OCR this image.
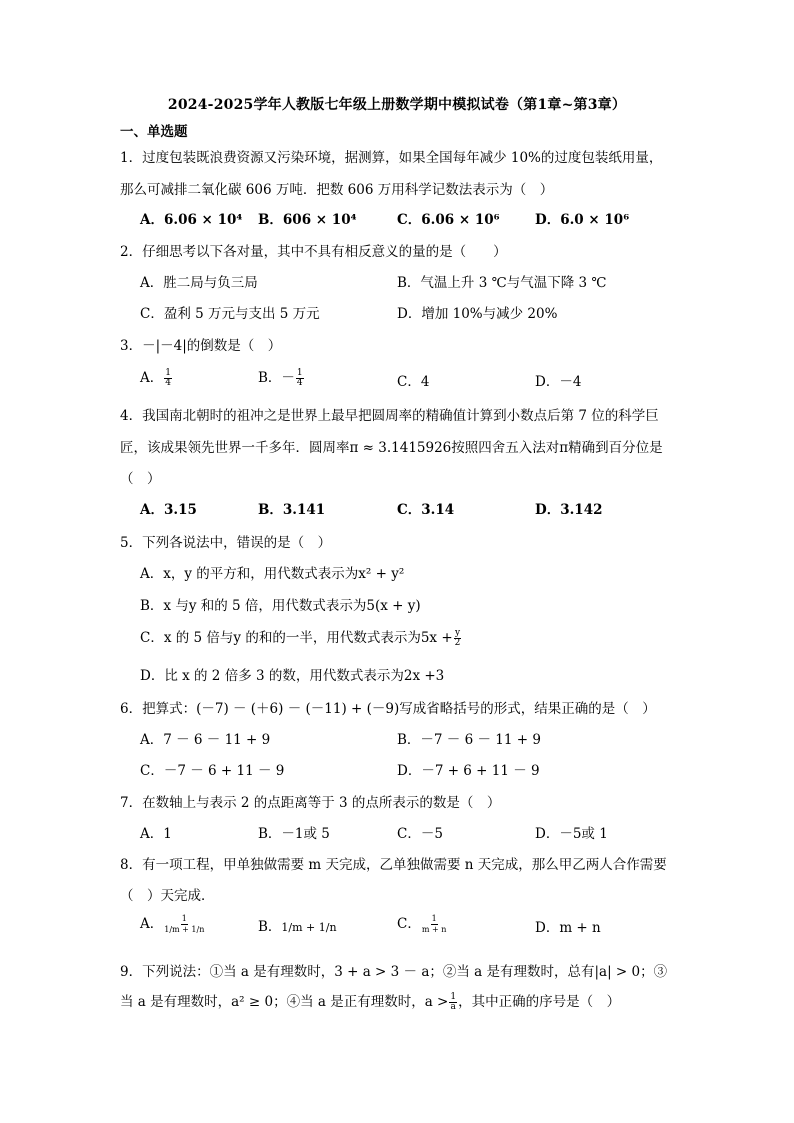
2024-2025学年人教版七年级上册数学期中模拟试卷（第1章~第3章）
一、单选题
1．过度包装既浪费资源又污染环境，据测算，如果全国每年减少 10%的过度包装纸用量，
那么可减排二氧化碳 606 万吨．把数 606 万用科学记数法表示为（　）
A．6.06 × 10⁴ B．606 × 10⁴	C．6.06 × 10⁶	D．6.0 × 10⁶
2．仔细思考以下各对量，其中不具有相反意义的量的是（　　）
A．胜二局与负三局	B．气温上升 3 ℃与气温下降 3 ℃
C．盈利 5 万元与支出 5 万元	D．增加 10%与减少 20%
3．－|－4|的倒数是（　）
A． $\frac{1}{4}$	B．－ $\frac{1}{4}$	C．4	D．－4
4．我国南北朝时的祖冲之是世界上最早把圆周率的精确值计算到小数点后第 7 位的科学巨
匠，该成果领先世界一千多年．圆周率π ≈ 3.1415926按照四舍五入法对π精确到百分位是
（　）
A．3.15	B．3.141	C．3.14	D．3.142
5．下列各说法中，错误的是（　）
A．x，y 的平方和，用代数式表示为x² + y²
B．x 与y 和的 5 倍，用代数式表示为5(x + y)
C．x 的 5 倍与y 的和的一半，用代数式表示为$5x + \frac{y}{2}$
D．比 x 的 2 倍多 3 的数，用代数式表示为2x +3
6．把算式：(－7) － (＋6) － (－11) + (－9)写成省略括号的形式，结果正确的是（　）
A．7 － 6 － 11 + 9	B．－7 － 6 － 11 + 9
C．－7 － 6 + 11 － 9	D．－7 + 6 + 11 － 9
7．在数轴上与表示 2 的点距离等于 3 的点所表示的数是（　）
A．1	B．－1或 5	C．－5	D．－5或 1
8．有一项工程，甲单独做需要 m 天完成，乙单独做需要 n 天完成，那么甲乙两人合作需要
（　）天完成．
A． $\frac{1}{1/m + 1/n}$	B．1/m + 1/n	C． $\frac{1}{m + n}$	D．m + n
9．下列说法：①当 a 是有理数时，3 + a > 3 － a；②当 a 是有理数时，总有|a| > 0；③
当 a 是有理数时，a² ≥ 0；④当 a 是正有理数时，$a > \frac{1}{a}$ ，其中正确的序号是（　）
